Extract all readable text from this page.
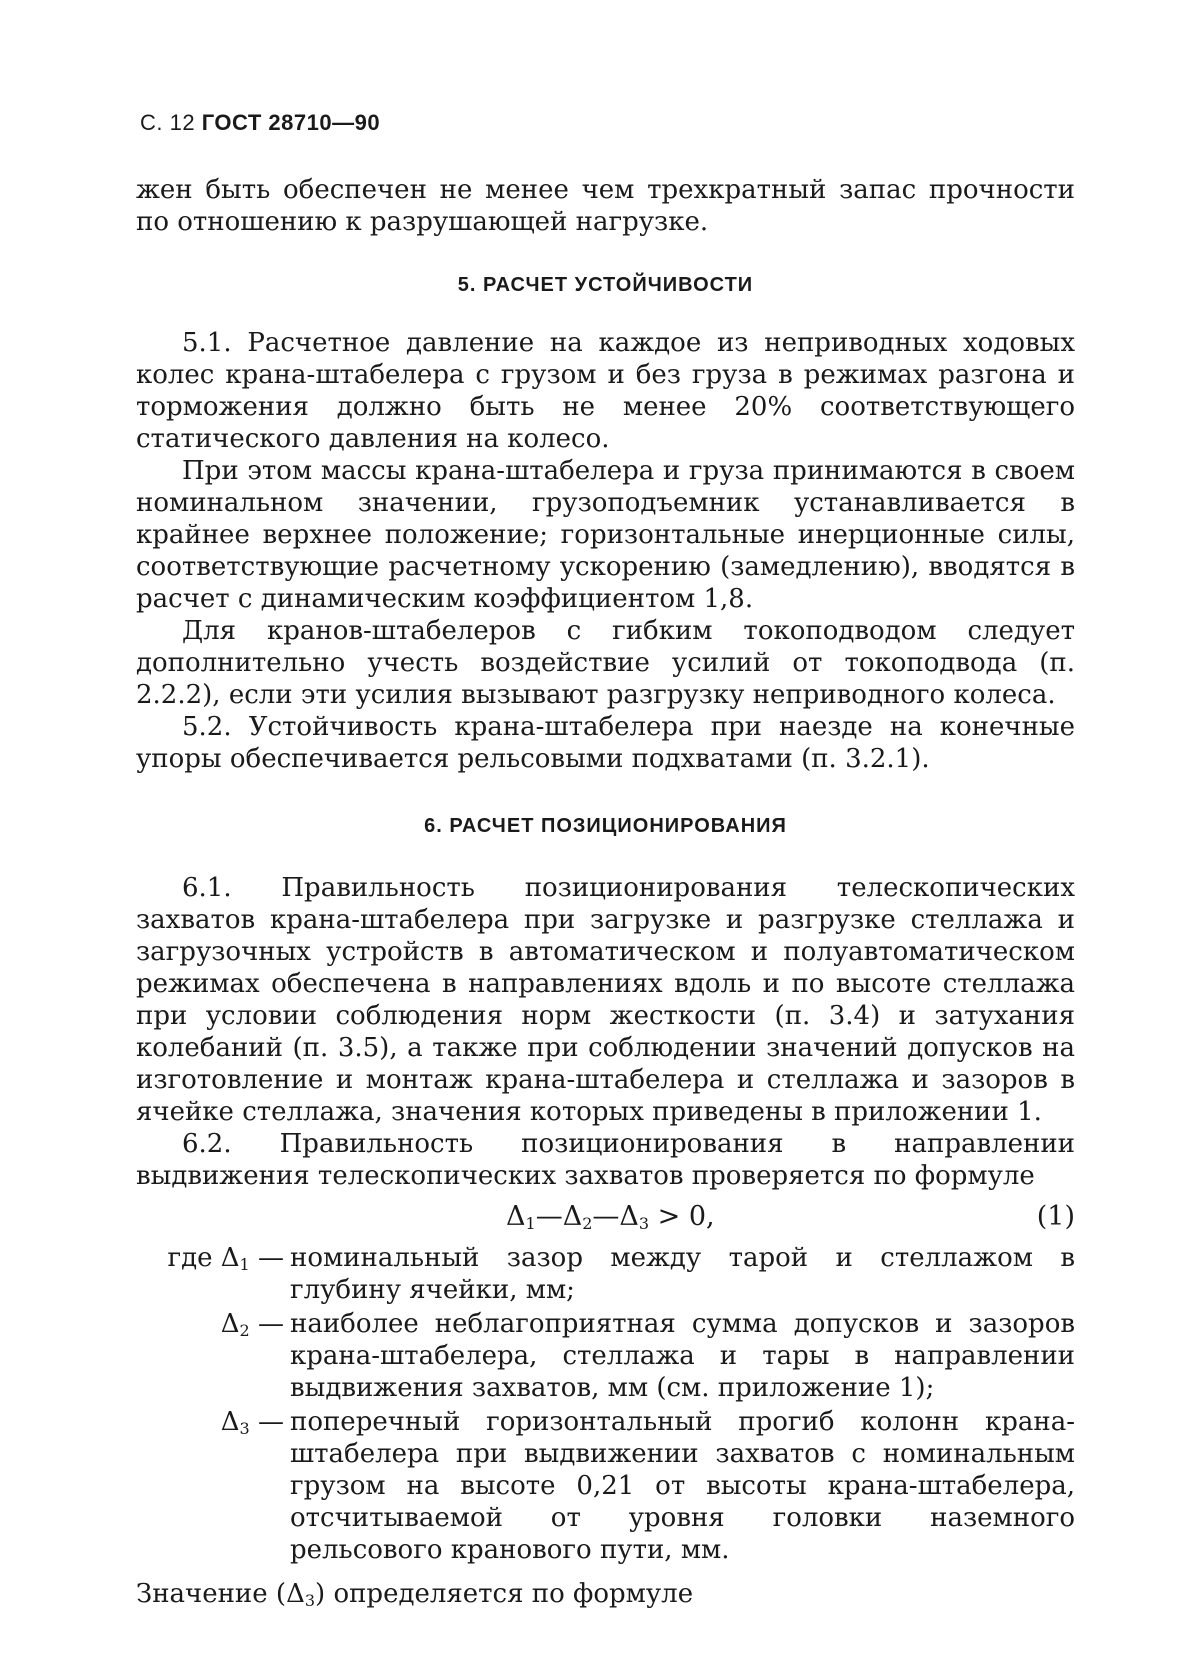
С. 12 ГОСТ 28710—90

жен быть обеспечен не менее чем трехкратный запас прочности по отношению к разрушающей нагрузке.

5. РАСЧЕТ УСТОЙЧИВОСТИ

5.1. Расчетное давление на каждое из неприводных ходовых колес крана-штабелера с грузом и без груза в режимах разгона и торможения должно быть не менее 20% соответствующего статического давления на колесо.

При этом массы крана-штабелера и груза принимаются в своем номинальном значении, грузоподъемник устанавливается в крайнее верхнее положение; горизонтальные инерционные силы, соответствующие расчетному ускорению (замедлению), вводятся в расчет с динамическим коэффициентом 1,8.

Для кранов-штабелеров с гибким токоподводом следует дополнительно учесть воздействие усилий от токоподвода (п. 2.2.2), если эти усилия вызывают разгрузку неприводного колеса.

5.2. Устойчивость крана-штабелера при наезде на конечные упоры обеспечивается рельсовыми подхватами (п. 3.2.1).

6. РАСЧЕТ ПОЗИЦИОНИРОВАНИЯ

6.1. Правильность позиционирования телескопических захватов крана-штабелера при загрузке и разгрузке стеллажа и загрузочных устройств в автоматическом и полуавтоматическом режимах обеспечена в направлениях вдоль и по высоте стеллажа при условии соблюдения норм жесткости (п. 3.4) и затухания колебаний (п. 3.5), а также при соблюдении значений допусков на изготовление и монтаж крана-штабелера и стеллажа и зазоров в ячейке стеллажа, значения которых приведены в приложении 1.

6.2. Правильность позиционирования в направлении выдвижения телескопических захватов проверяется по формуле

$\Delta_1—\Delta_2—\Delta_3 > 0$,	(1)
где $\Delta_1$ — номинальный зазор между тарой и стеллажом в глубину ячейки, мм;
$\Delta_2$ — наиболее неблагоприятная сумма допусков и зазоров крана-штабелера, стеллажа и тары в направлении выдвижения захватов, мм (см. приложение 1);
$\Delta_3$ — поперечный горизонтальный прогиб колонн крана-штабелера при выдвижении захватов с номинальным грузом на высоте 0,21 от высоты крана-штабелера, отсчитываемой от уровня головки наземного рельсового кранового пути, мм.

Значение $(\Delta_3)$ определяется по формуле
